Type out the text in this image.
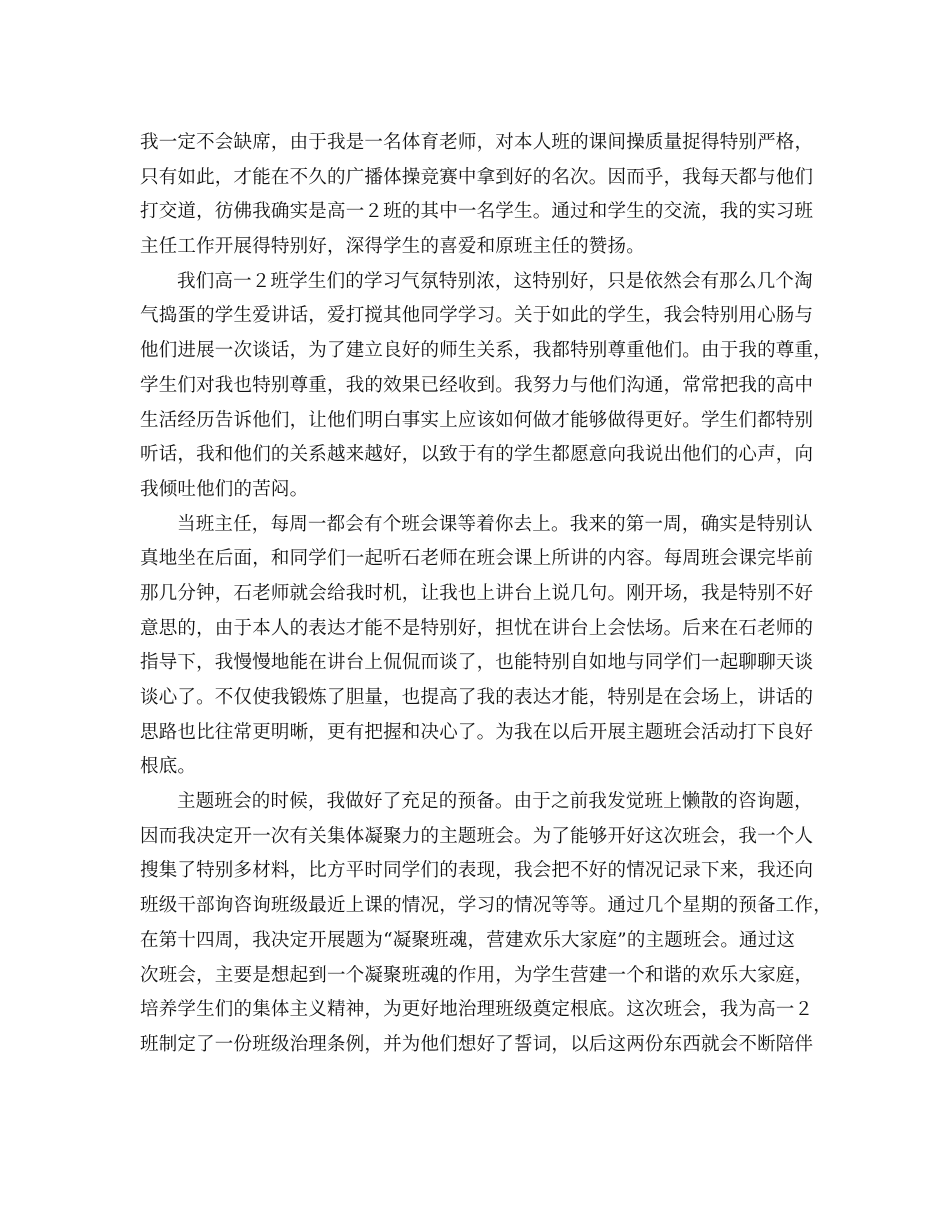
我一定不会缺席，由于我是一名体育老师，对本人班的课间操质量捉得特别严格，
只有如此，才能在不久的广播体操竞赛中拿到好的名次。因而乎，我每天都与他们
打交道，彷佛我确实是高一２班的其中一名学生。通过和学生的交流，我的实习班
主任工作开展得特别好，深得学生的喜爱和原班主任的赞扬。
我们高一２班学生们的学习气氛特别浓，这特别好，只是依然会有那么几个淘
气捣蛋的学生爱讲话，爱打搅其他同学学习。关于如此的学生，我会特别用心肠与
他们进展一次谈话，为了建立良好的师生关系，我都特别尊重他们。由于我的尊重，
学生们对我也特别尊重，我的效果已经收到。我努力与他们沟通，常常把我的高中
生活经历告诉他们，让他们明白事实上应该如何做才能够做得更好。学生们都特别
听话，我和他们的关系越来越好，以致于有的学生都愿意向我说出他们的心声，向
我倾吐他们的苦闷。
当班主任，每周一都会有个班会课等着你去上。我来的第一周，确实是特别认
真地坐在后面，和同学们一起听石老师在班会课上所讲的内容。每周班会课完毕前
那几分钟，石老师就会给我时机，让我也上讲台上说几句。刚开场，我是特别不好
意思的，由于本人的表达才能不是特别好，担忧在讲台上会怯场。后来在石老师的
指导下，我慢慢地能在讲台上侃侃而谈了，也能特别自如地与同学们一起聊聊天谈
谈心了。不仅使我锻炼了胆量，也提高了我的表达才能，特别是在会场上，讲话的
思路也比往常更明晰，更有把握和决心了。为我在以后开展主题班会活动打下良好
根底。
主题班会的时候，我做好了充足的预备。由于之前我发觉班上懒散的咨询题，
因而我决定开一次有关集体凝聚力的主题班会。为了能够开好这次班会，我一个人
搜集了特别多材料，比方平时同学们的表现，我会把不好的情况记录下来，我还向
班级干部询咨询班级最近上课的情况，学习的情况等等。通过几个星期的预备工作，
在第十四周，我决定开展题为“凝聚班魂，营建欢乐大家庭”的主题班会。通过这
次班会，主要是想起到一个凝聚班魂的作用，为学生营建一个和谐的欢乐大家庭，
培养学生们的集体主义精神，为更好地治理班级奠定根底。这次班会，我为高一２
班制定了一份班级治理条例，并为他们想好了誓词，以后这两份东西就会不断陪伴
